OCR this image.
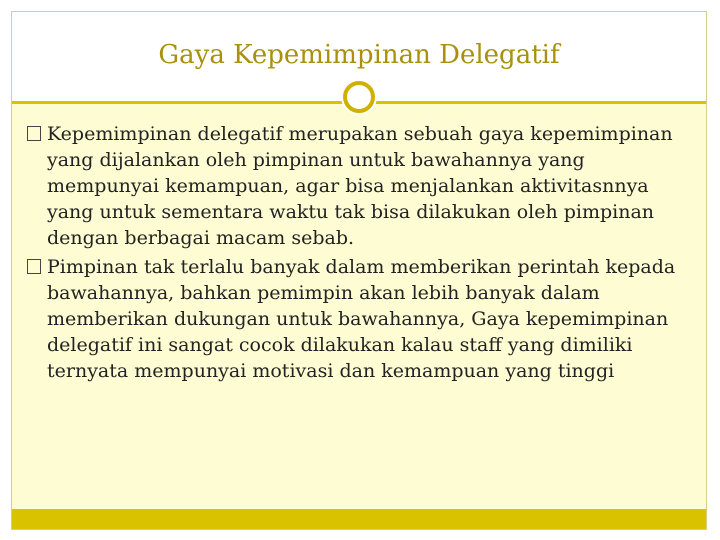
Gaya Kepemimpinan Delegatif
Kepemimpinan delegatif merupakan sebuah gaya kepemimpinan yang dijalankan oleh pimpinan untuk bawahannya yang mempunyai kemampuan, agar bisa menjalankan aktivitasnnya yang untuk sementara waktu tak bisa dilakukan oleh pimpinan dengan berbagai macam sebab.
Pimpinan tak terlalu banyak dalam memberikan perintah kepada bawahannya, bahkan pemimpin akan lebih banyak dalam memberikan dukungan untuk bawahannya, Gaya kepemimpinan delegatif ini sangat cocok dilakukan kalau staff yang dimiliki ternyata mempunyai motivasi dan kemampuan yang tinggi
